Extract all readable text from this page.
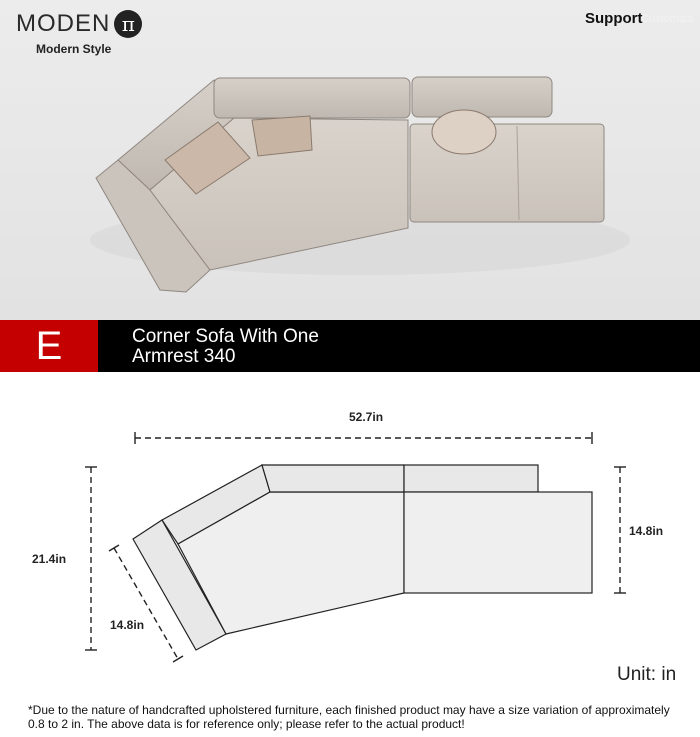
MODEN π
Modern Style
Support
Customiza
E	Corner Sofa With One
Armrest 340
52.7in
21.4in
14.8in
14.8in
Unit: in
*Due to the nature of handcrafted upholstered furniture, each finished product may have a size variation of approximately 0.8 to 2 in. The above data is for reference only; please refer to the actual product!
